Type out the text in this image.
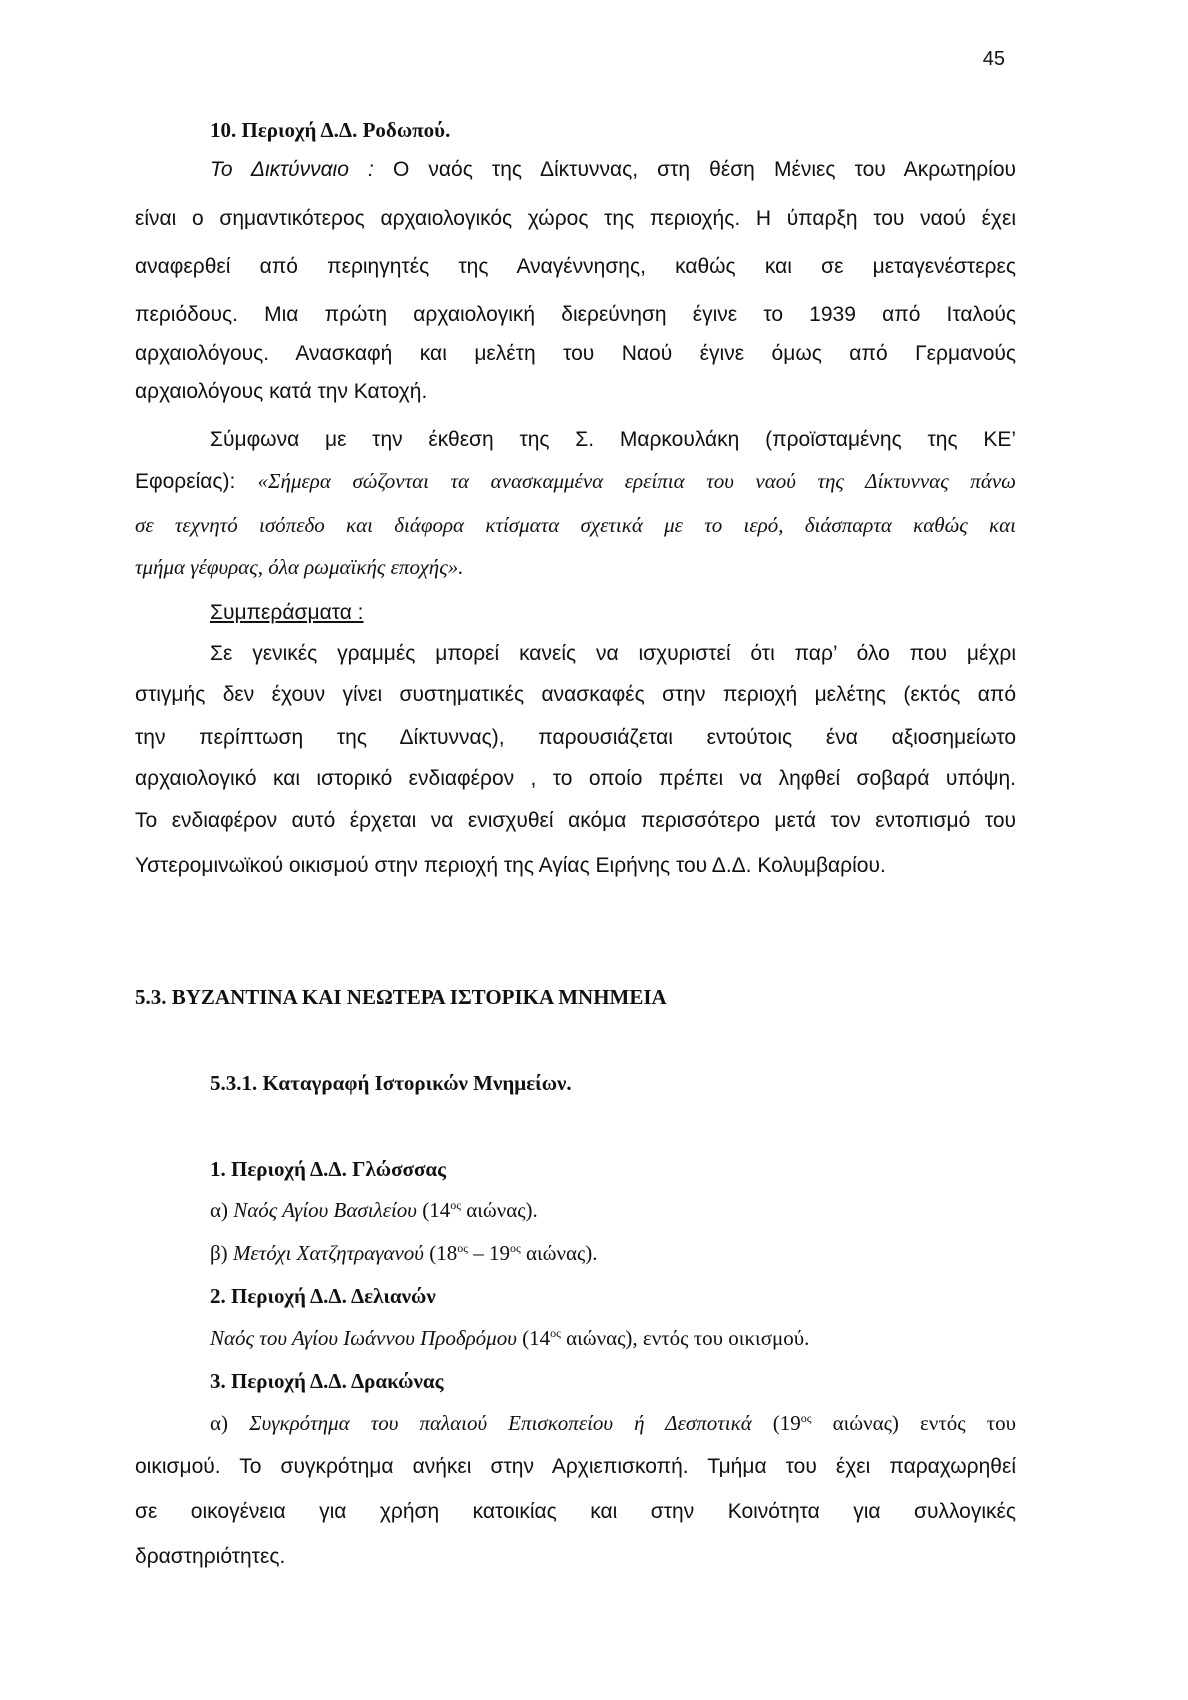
45
10. Περιοχή Δ.Δ. Ροδωπού.
Το Δικτύνναιο : Ο ναός της Δίκτυννας, στη θέση Μένιες του Ακρωτηρίου
είναι ο σημαντικότερος αρχαιολογικός χώρος της περιοχής. Η ύπαρξη του ναού έχει
αναφερθεί από περιηγητές της Αναγέννησης, καθώς και σε μεταγενέστερες
περιόδους. Μια πρώτη αρχαιολογική διερεύνηση έγινε το 1939 από Ιταλούς
αρχαιολόγους. Ανασκαφή και μελέτη του Ναού έγινε όμως από Γερμανούς
αρχαιολόγους κατά την Κατοχή.
Σύμφωνα με την έκθεση της Σ. Μαρκουλάκη (προϊσταμένης της ΚΕ’
Εφορείας): «Σήμερα σώζονται τα ανασκαμμένα ερείπια του ναού της Δίκτυννας πάνω
σε τεχνητό ισόπεδο και διάφορα κτίσματα σχετικά με το ιερό, διάσπαρτα καθώς και
τμήμα γέφυρας, όλα ρωμαϊκής εποχής».
Συμπεράσματα :
Σε γενικές γραμμές μπορεί κανείς να ισχυριστεί ότι παρ’ όλο που μέχρι
στιγμής δεν έχουν γίνει συστηματικές ανασκαφές στην περιοχή μελέτης (εκτός από
την περίπτωση της Δίκτυννας), παρουσιάζεται εντούτοις ένα αξιοσημείωτο
αρχαιολογικό και ιστορικό ενδιαφέρον , το οποίο πρέπει να ληφθεί σοβαρά υπόψη.
Το ενδιαφέρον αυτό έρχεται να ενισχυθεί ακόμα περισσότερο μετά τον εντοπισμό του
Υστερομινωϊκού οικισμού στην περιοχή της Αγίας Ειρήνης του Δ.Δ. Κολυμβαρίου.
5.3. ΒΥΖΑΝΤΙΝΑ ΚΑΙ ΝΕΩΤΕΡΑ ΙΣΤΟΡΙΚΑ ΜΝΗΜΕΙΑ
5.3.1. Καταγραφή Ιστορικών Μνημείων.
1. Περιοχή Δ.Δ. Γλώσσσας
α) Ναός Αγίου Βασιλείου ($14^{o\varsigma}$ αιώνας).
β) Μετόχι Χατζητραγανού ($18^{o\varsigma} - 19^{o\varsigma}$ αιώνας).
2. Περιοχή Δ.Δ. Δελιανών
Ναός του Αγίου Ιωάννου Προδρόμου ($14^{o\varsigma}$ αιώνας), εντός του οικισμού.
3. Περιοχή Δ.Δ. Δρακώνας
α) Συγκρότημα του παλαιού Επισκοπείου ή Δεσποτικά ($19^{o\varsigma}$ αιώνας) εντός του
οικισμού. Το συγκρότημα ανήκει στην Αρχιεπισκοπή. Τμήμα του έχει παραχωρηθεί
σε οικογένεια για χρήση κατοικίας και στην Κοινότητα για συλλογικές
δραστηριότητες.
